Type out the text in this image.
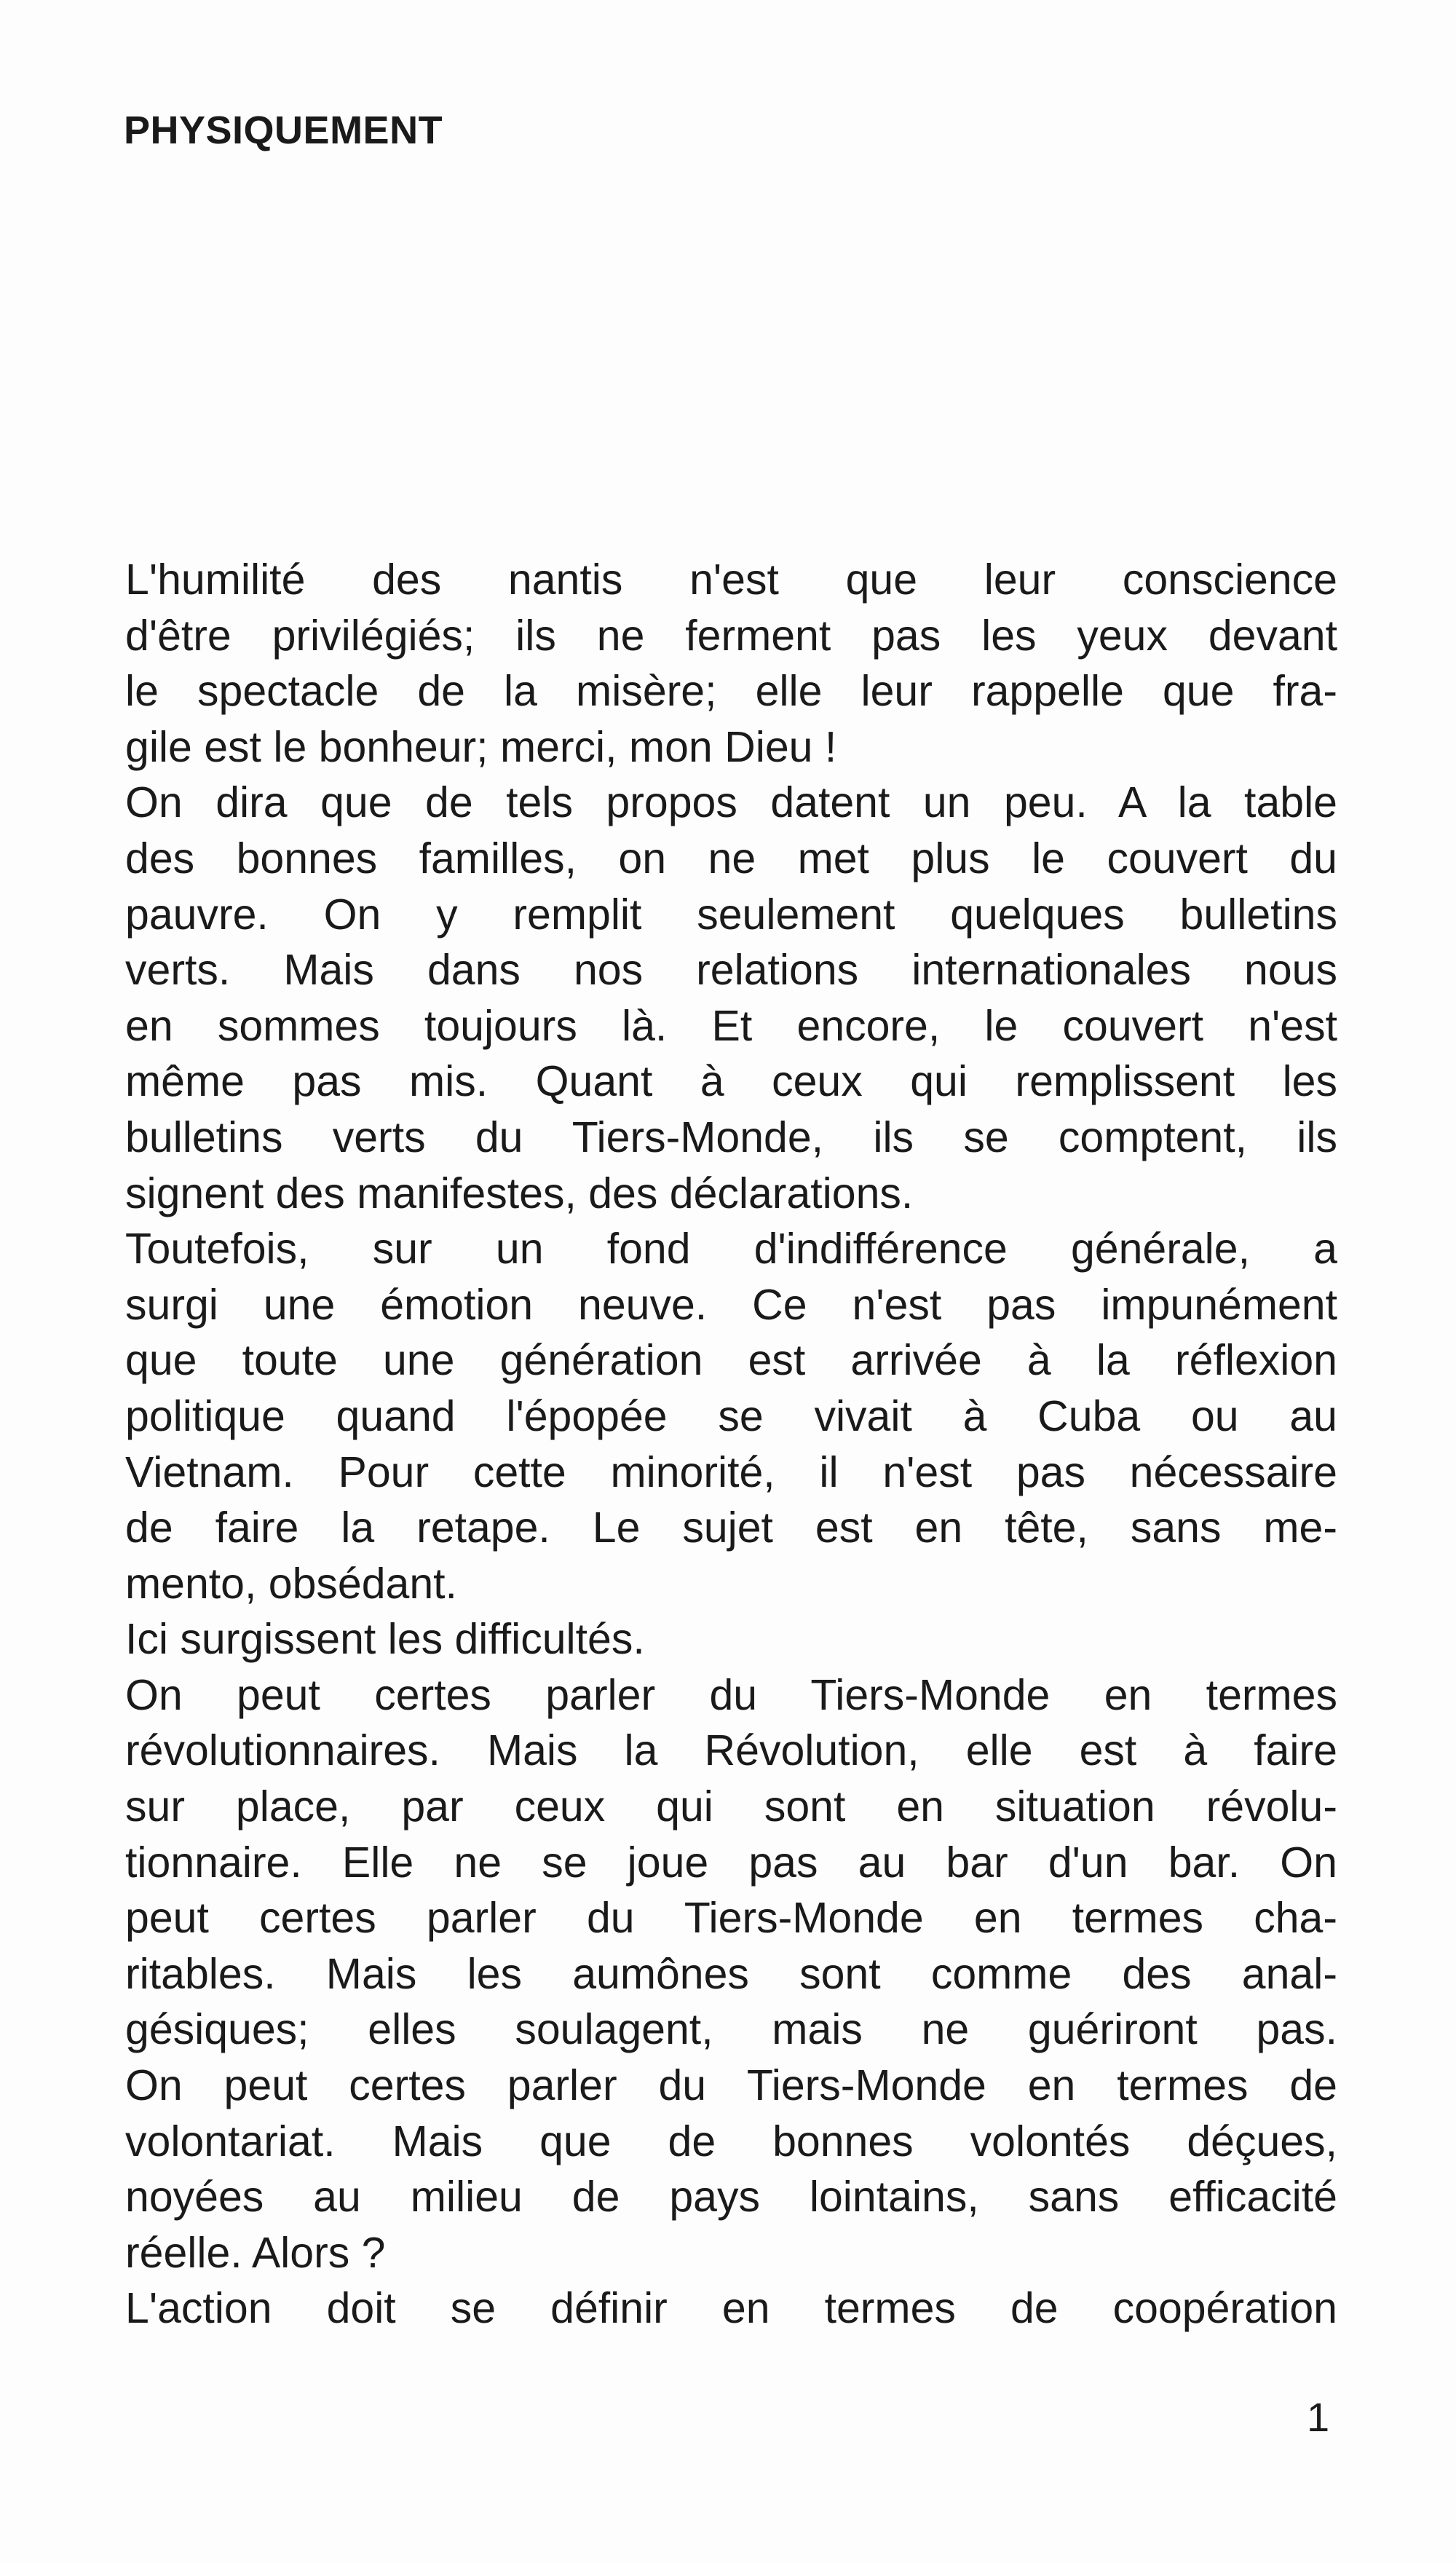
PHYSIQUEMENT
L'humilité des nantis n'est que leur conscience
d'être privilégiés; ils ne ferment pas les yeux devant
le spectacle de la misère; elle leur rappelle que fra-
gile est le bonheur; merci, mon Dieu !
On dira que de tels propos datent un peu. A la table
des bonnes familles, on ne met plus le couvert du
pauvre. On y remplit seulement quelques bulletins
verts. Mais dans nos relations internationales nous
en sommes toujours là. Et encore, le couvert n'est
même pas mis. Quant à ceux qui remplissent les
bulletins verts du Tiers-Monde, ils se comptent, ils
signent des manifestes, des déclarations.
Toutefois, sur un fond d'indifférence générale, a
surgi une émotion neuve. Ce n'est pas impunément
que toute une génération est arrivée à la réflexion
politique quand l'épopée se vivait à Cuba ou au
Vietnam. Pour cette minorité, il n'est pas nécessaire
de faire la retape. Le sujet est en tête, sans me-
mento, obsédant.
Ici surgissent les difficultés.
On peut certes parler du Tiers-Monde en termes
révolutionnaires. Mais la Révolution, elle est à faire
sur place, par ceux qui sont en situation révolu-
tionnaire. Elle ne se joue pas au bar d'un bar. On
peut certes parler du Tiers-Monde en termes cha-
ritables. Mais les aumônes sont comme des anal-
gésiques; elles soulagent, mais ne guériront pas.
On peut certes parler du Tiers-Monde en termes de
volontariat. Mais que de bonnes volontés déçues,
noyées au milieu de pays lointains, sans efficacité
réelle. Alors ?
L'action doit se définir en termes de coopération
1
